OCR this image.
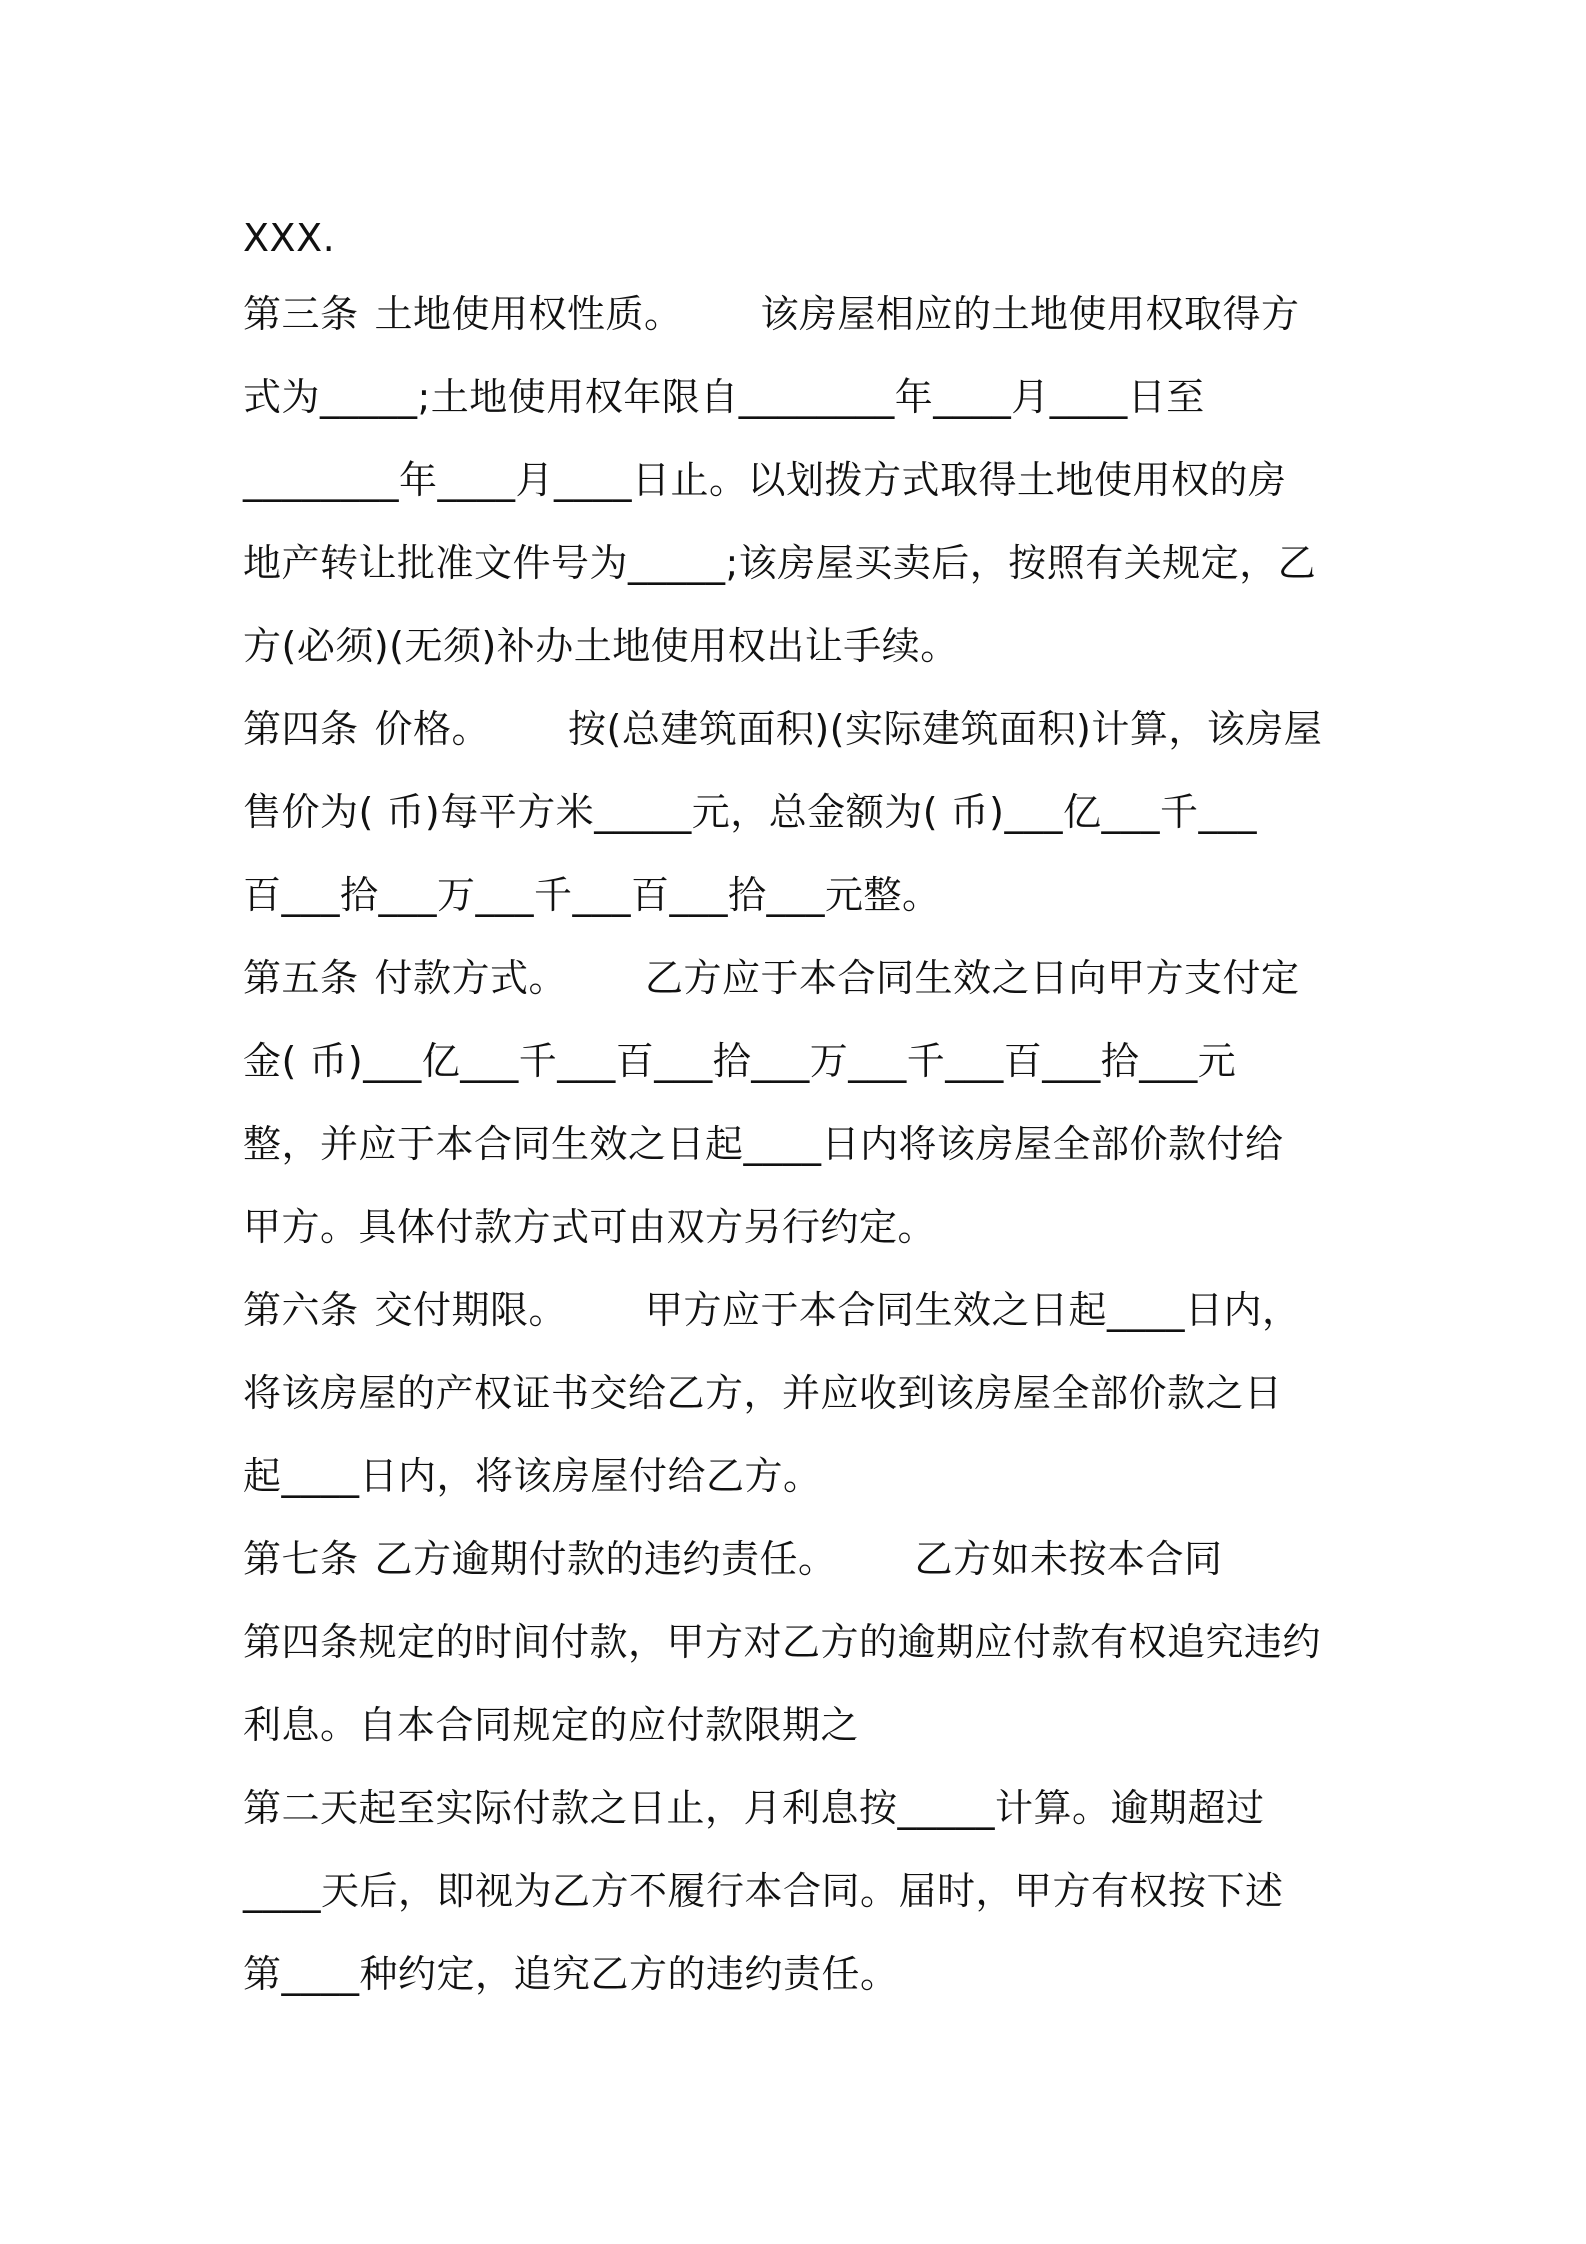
XXX.
第三条 土地使用权性质。 该房屋相应的土地使用权取得方
式为_____;土地使用权年限自________年____月____日至
________年____月____日止。以划拨方式取得土地使用权的房
地产转让批准文件号为_____;该房屋买卖后，按照有关规定，乙
方(必须)(无须)补办土地使用权出让手续。
第四条 价格。 按(总建筑面积)(实际建筑面积)计算，该房屋
售价为( 币)每平方米_____元，总金额为( 币)___亿___千___
百___拾___万___千___百___拾___元整。
第五条 付款方式。 乙方应于本合同生效之日向甲方支付定
金( 币)___亿___千___百___拾___万___千___百___拾___元
整，并应于本合同生效之日起____日内将该房屋全部价款付给
甲方。具体付款方式可由双方另行约定。
第六条 交付期限。 甲方应于本合同生效之日起____日内，
将该房屋的产权证书交给乙方，并应收到该房屋全部价款之日
起____日内，将该房屋付给乙方。
第七条 乙方逾期付款的违约责任。 乙方如未按本合同
第四条规定的时间付款，甲方对乙方的逾期应付款有权追究违约
利息。自本合同规定的应付款限期之
第二天起至实际付款之日止，月利息按_____计算。逾期超过
____天后，即视为乙方不履行本合同。届时，甲方有权按下述
第____种约定，追究乙方的违约责任。
